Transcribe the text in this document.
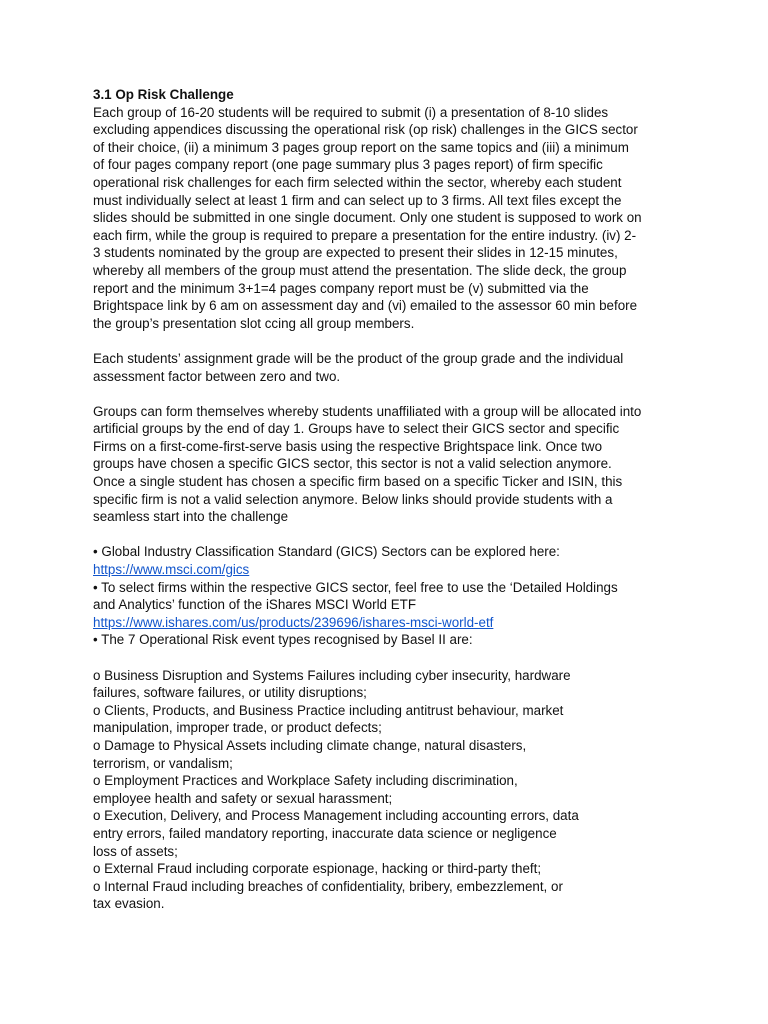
3.1 Op Risk Challenge
Each group of 16-20 students will be required to submit (i) a presentation of 8-10 slides
excluding appendices discussing the operational risk (op risk) challenges in the GICS sector
of their choice, (ii) a minimum 3 pages group report on the same topics and (iii) a minimum
of four pages company report (one page summary plus 3 pages report) of firm specific
operational risk challenges for each firm selected within the sector, whereby each student
must individually select at least 1 firm and can select up to 3 firms. All text files except the
slides should be submitted in one single document. Only one student is supposed to work on
each firm, while the group is required to prepare a presentation for the entire industry. (iv) 2-
3 students nominated by the group are expected to present their slides in 12-15 minutes,
whereby all members of the group must attend the presentation. The slide deck, the group
report and the minimum 3+1=4 pages company report must be (v) submitted via the
Brightspace link by 6 am on assessment day and (vi) emailed to the assessor 60 min before
the group’s presentation slot ccing all group members.
Each students’ assignment grade will be the product of the group grade and the individual
assessment factor between zero and two.
Groups can form themselves whereby students unaffiliated with a group will be allocated into
artificial groups by the end of day 1. Groups have to select their GICS sector and specific
Firms on a first-come-first-serve basis using the respective Brightspace link. Once two
groups have chosen a specific GICS sector, this sector is not a valid selection anymore.
Once a single student has chosen a specific firm based on a specific Ticker and ISIN, this
specific firm is not a valid selection anymore. Below links should provide students with a
seamless start into the challenge
• Global Industry Classification Standard (GICS) Sectors can be explored here:
https://www.msci.com/gics
• To select firms within the respective GICS sector, feel free to use the ‘Detailed Holdings
and Analytics’ function of the iShares MSCI World ETF
https://www.ishares.com/us/products/239696/ishares-msci-world-etf
• The 7 Operational Risk event types recognised by Basel II are:
o Business Disruption and Systems Failures including cyber insecurity, hardware
failures, software failures, or utility disruptions;
o Clients, Products, and Business Practice including antitrust behaviour, market
manipulation, improper trade, or product defects;
o Damage to Physical Assets including climate change, natural disasters,
terrorism, or vandalism;
o Employment Practices and Workplace Safety including discrimination,
employee health and safety or sexual harassment;
o Execution, Delivery, and Process Management including accounting errors, data
entry errors, failed mandatory reporting, inaccurate data science or negligence
loss of assets;
o External Fraud including corporate espionage, hacking or third-party theft;
o Internal Fraud including breaches of confidentiality, bribery, embezzlement, or
tax evasion.
